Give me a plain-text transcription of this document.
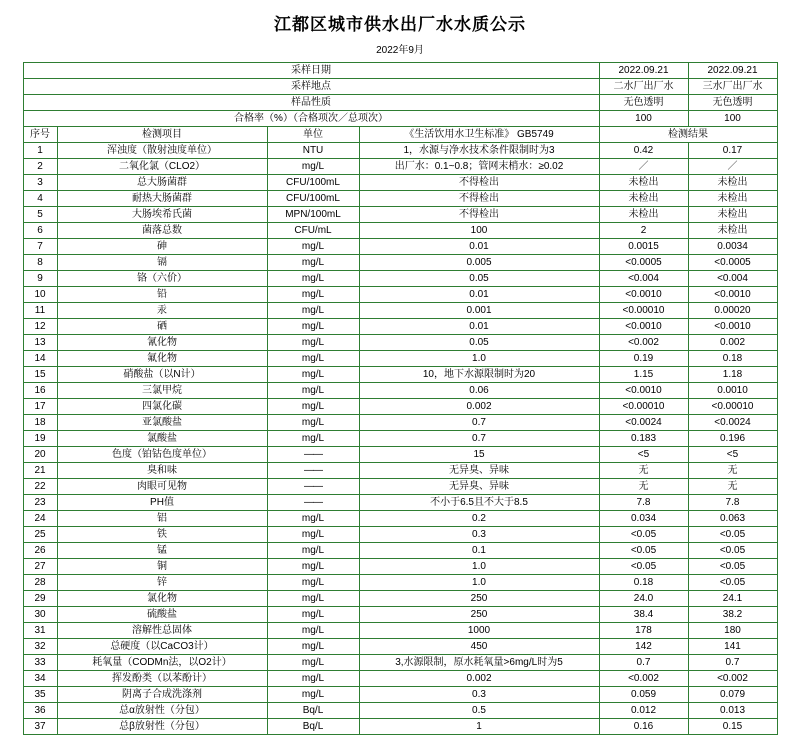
江都区城市供水出厂水水质公示
2022年9月
采样日期				2022.09.21	2022.09.21
采样地点				二水厂出厂水	三水厂出厂水
样品性质				无色透明	无色透明
合格率（%）（合格项次／总项次）				100	100
序号	检测项目	单位	《生活饮用水卫生标准》 GB5749	检测结果	
1	浑浊度（散射浊度单位）	NTU	1，水源与净水技术条件限制时为3	0.42	0.17
2	二氧化氯（CLO2）	mg/L	出厂水：0.1~0.8；管网末梢水：≥0.02	／	／
3	总大肠菌群	CFU/100mL	不得检出	未检出	未检出
4	耐热大肠菌群	CFU/100mL	不得检出	未检出	未检出
5	大肠埃希氏菌	MPN/100mL	不得检出	未检出	未检出
6	菌落总数	CFU/mL	100	2	未检出
7	砷	mg/L	0.01	0.0015	0.0034
8	镉	mg/L	0.005	<0.0005	<0.0005
9	铬（六价）	mg/L	0.05	<0.004	<0.004
10	铅	mg/L	0.01	<0.0010	<0.0010
11	汞	mg/L	0.001	<0.00010	0.00020
12	硒	mg/L	0.01	<0.0010	<0.0010
13	氰化物	mg/L	0.05	<0.002	0.002
14	氟化物	mg/L	1.0	0.19	0.18
15	硝酸盐（以N计）	mg/L	10，地下水源限制时为20	1.15	1.18
16	三氯甲烷	mg/L	0.06	<0.0010	0.0010
17	四氯化碳	mg/L	0.002	<0.00010	<0.00010
18	亚氯酸盐	mg/L	0.7	<0.0024	<0.0024
19	氯酸盐	mg/L	0.7	0.183	0.196
20	色度（铂钴色度单位）	——	15	<5	<5
21	臭和味	——	无异臭、异味	无	无
22	肉眼可见物	——	无异臭、异味	无	无
23	PH值	——	不小于6.5且不大于8.5	7.8	7.8
24	铝	mg/L	0.2	0.034	0.063
25	铁	mg/L	0.3	<0.05	<0.05
26	锰	mg/L	0.1	<0.05	<0.05
27	铜	mg/L	1.0	<0.05	<0.05
28	锌	mg/L	1.0	0.18	<0.05
29	氯化物	mg/L	250	24.0	24.1
30	硫酸盐	mg/L	250	38.4	38.2
31	溶解性总固体	mg/L	1000	178	180
32	总硬度（以CaCO3计）	mg/L	450	142	141
33	耗氧量（CODMn法，以O2计）	mg/L	3,水源限制，原水耗氧量>6mg/L时为5	0.7	0.7
34	挥发酚类（以苯酚计）	mg/L	0.002	<0.002	<0.002
35	阴离子合成洗涤剂	mg/L	0.3	0.059	0.079
36	总α放射性（分包）	Bq/L	0.5	0.012	0.013
37	总β放射性（分包）	Bq/L	1	0.16	0.15
